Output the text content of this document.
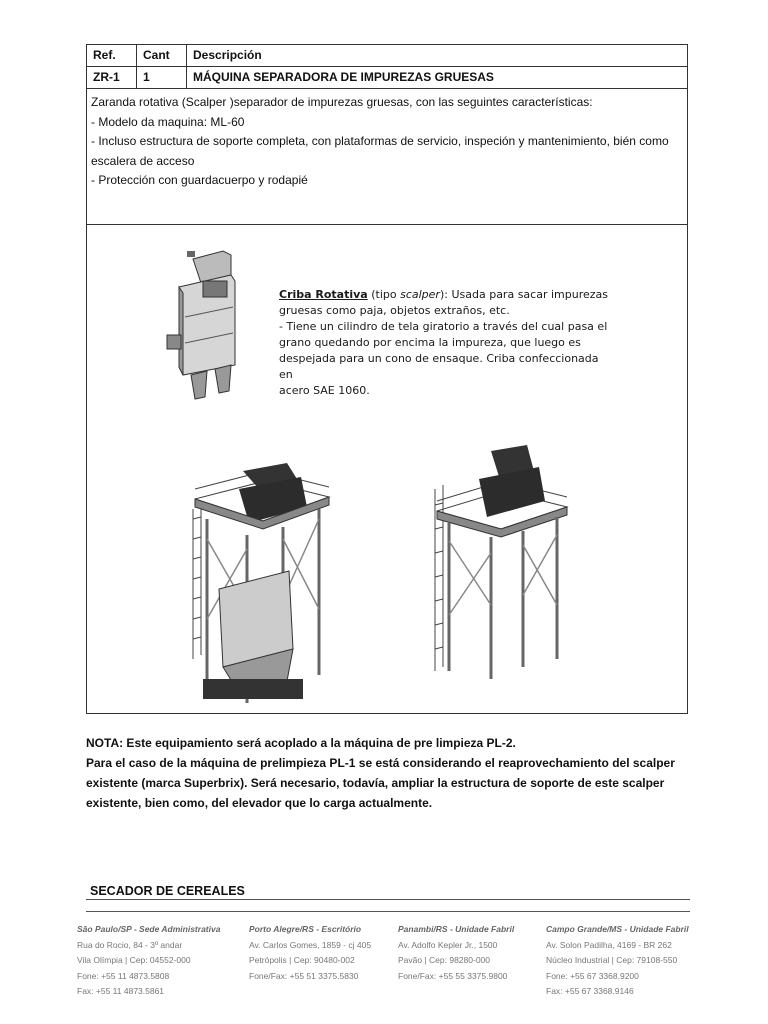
Ref.	Cant	Descripción
ZR-1	1	MÁQUINA SEPARADORA DE IMPUREZAS GRUESAS
Zaranda rotativa (Scalper )separador de impurezas gruesas, con las seguintes características:
- Modelo da maquina: ML-60
- Incluso estructura de soporte completa, con plataformas de servicio, inspeción y mantenimiento, bién como
escalera de acceso
- Protección con guardacuerpo y rodapié
Criba Rotativa (tipo scalper): Usada para sacar impurezas
gruesas como paja, objetos extraños, etc.
- Tiene un cilindro de tela giratorio a través del cual pasa el
grano quedando por encima la impureza, que luego es
despejada para un cono de ensaque. Criba confeccionada en
acero SAE 1060.
NOTA: Este equipamiento será acoplado a la máquina de pre limpieza PL-2.
Para el caso de la máquina de prelimpieza PL-1 se está considerando el reaprovechamiento del scalper
existente (marca Superbrix). Será necesario, todavía, ampliar la estructura de soporte de este scalper
existente, bien como, del elevador que lo carga actualmente.
SECADOR DE CEREALES
São Paulo/SP - Sede Administrativa
Rua do Rocio, 84 - 3º andar
Vila Olímpia | Cep: 04552-000
Fone: +55 11 4873.5808
Fax: +55 11 4873.5861
Porto Alegre/RS - Escritório
Av. Carlos Gomes, 1859 - cj 405
Petrópolis | Cep: 90480-002
Fone/Fax: +55 51 3375.5830
Panambi/RS - Unidade Fabril
Av. Adolfo Kepler Jr., 1500
Pavão | Cep: 98280-000
Fone/Fax: +55 55 3375.9800
Campo Grande/MS - Unidade Fabril
Av. Solon Padilha, 4169 - BR 262
Núcleo Industrial | Cep: 79108-550
Fone: +55 67 3368.9200
Fax: +55 67 3368.9146
